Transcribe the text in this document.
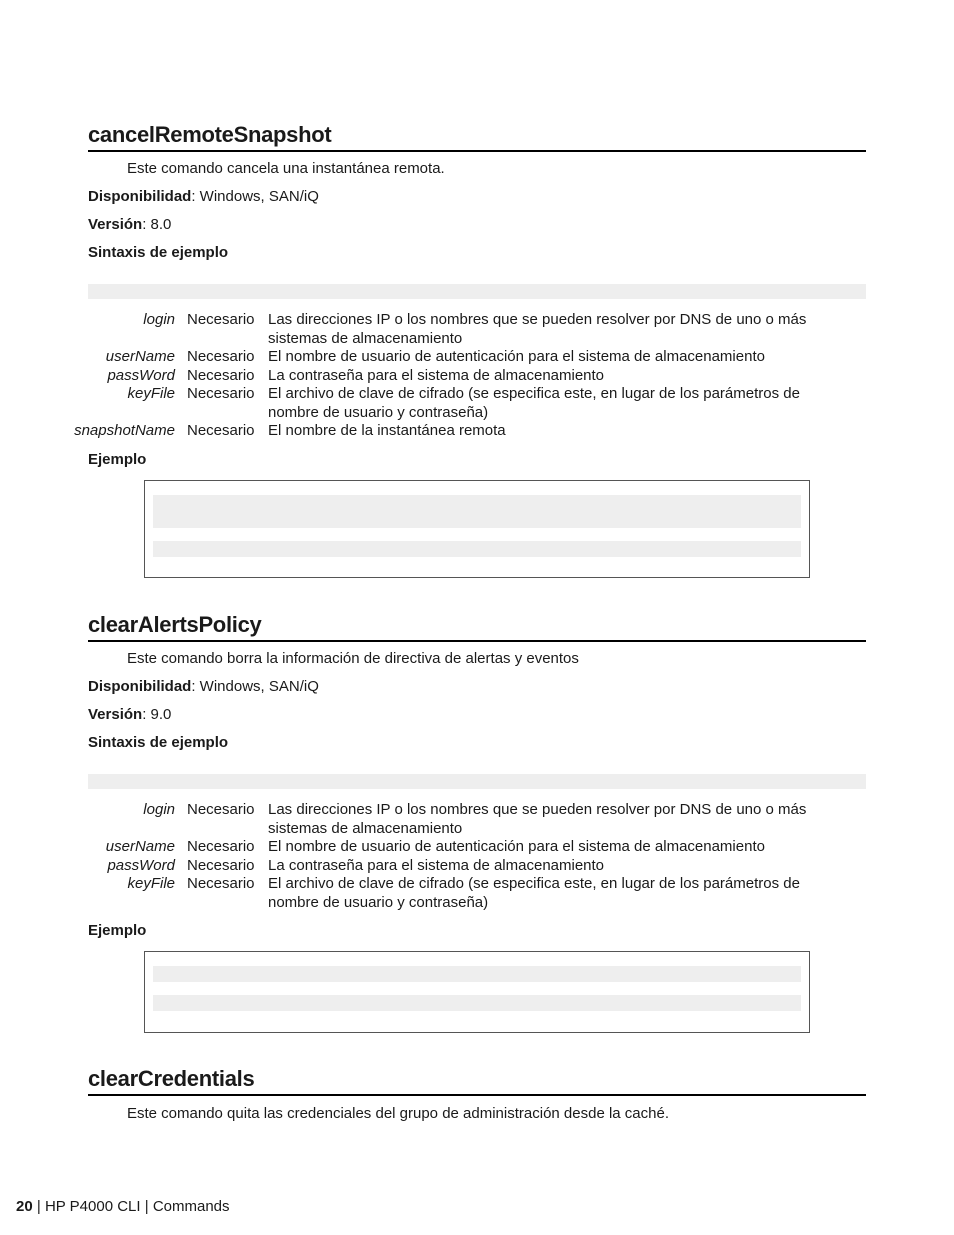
cancelRemoteSnapshot
Este comando cancela una instantánea remota.
Disponibilidad: Windows, SAN/iQ
Versión: 8.0
Sintaxis de ejemplo
login Necesario Las direcciones IP o los nombres que se pueden resolver por DNS de uno o más sistemas de almacenamiento
userName Necesario El nombre de usuario de autenticación para el sistema de almacenamiento
passWord Necesario La contraseña para el sistema de almacenamiento
keyFile Necesario El archivo de clave de cifrado (se especifica este, en lugar de los parámetros de nombre de usuario y contraseña)
snapshotName Necesario El nombre de la instantánea remota
Ejemplo
clearAlertsPolicy
Este comando borra la información de directiva de alertas y eventos
Disponibilidad: Windows, SAN/iQ
Versión: 9.0
Sintaxis de ejemplo
login Necesario Las direcciones IP o los nombres que se pueden resolver por DNS de uno o más sistemas de almacenamiento
userName Necesario El nombre de usuario de autenticación para el sistema de almacenamiento
passWord Necesario La contraseña para el sistema de almacenamiento
keyFile Necesario El archivo de clave de cifrado (se especifica este, en lugar de los parámetros de nombre de usuario y contraseña)
Ejemplo
clearCredentials
Este comando quita las credenciales del grupo de administración desde la caché.
20 | HP P4000 CLI | Commands
